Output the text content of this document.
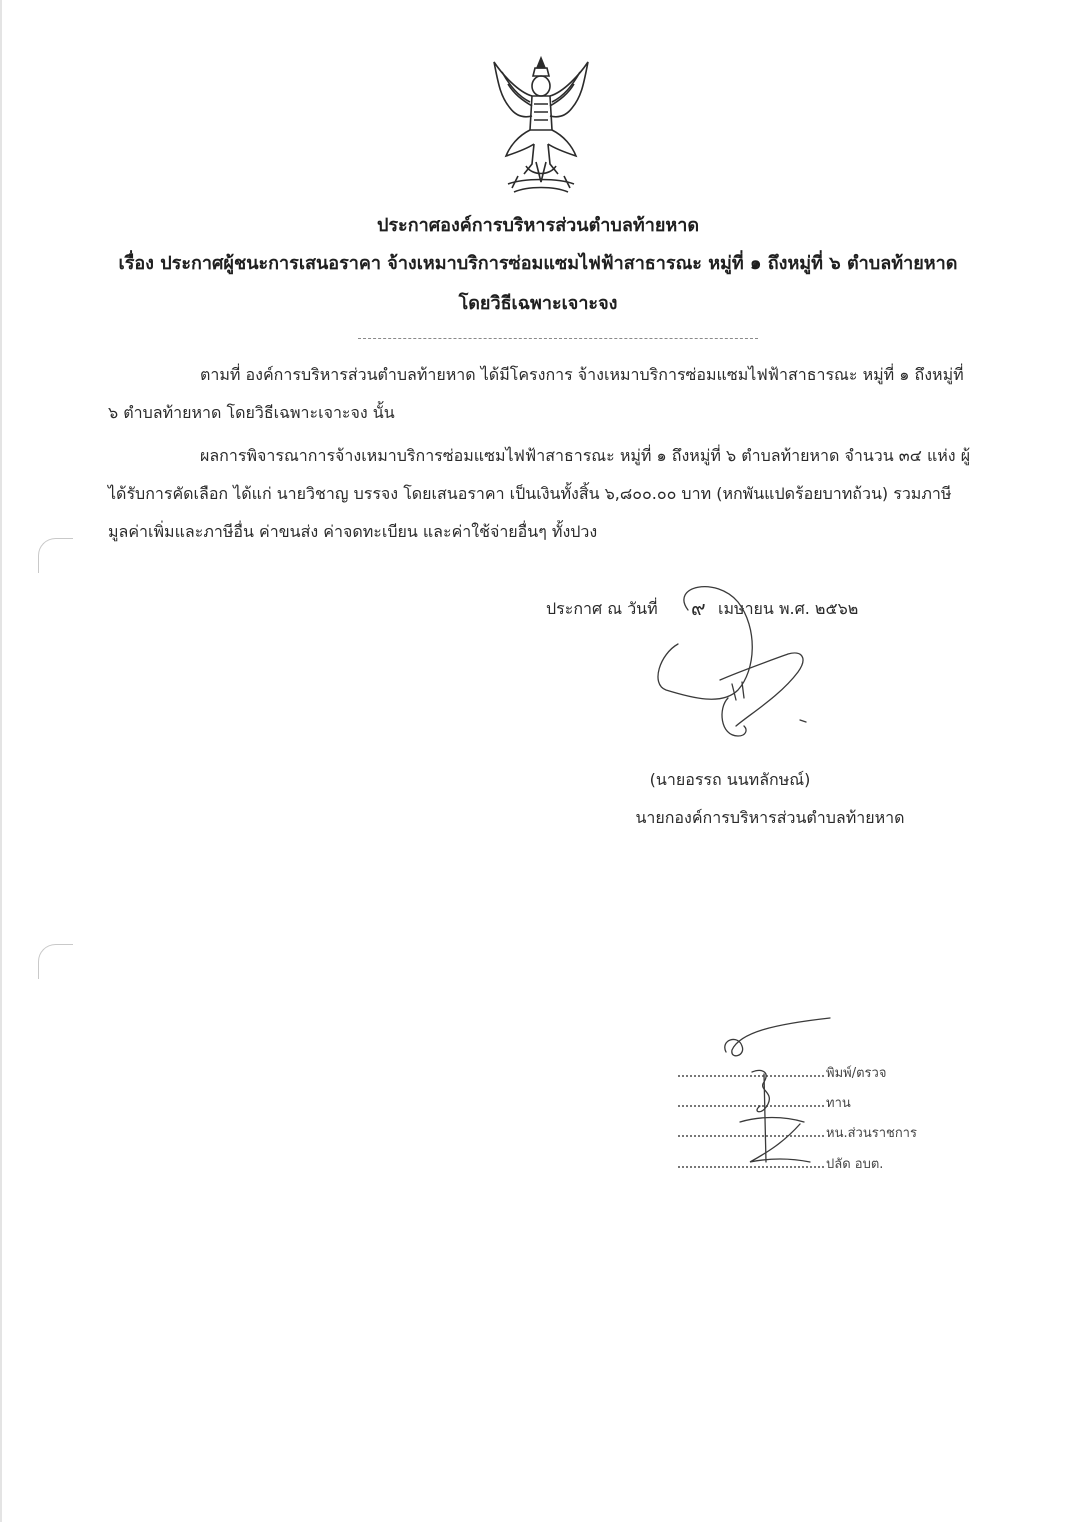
ประกาศองค์การบริหารส่วนตำบลท้ายหาด
เรื่อง ประกาศผู้ชนะการเสนอราคา จ้างเหมาบริการซ่อมแซมไฟฟ้าสาธารณะ หมู่ที่ ๑ ถึงหมู่ที่ ๖ ตำบลท้ายหาด
โดยวิธีเฉพาะเจาะจง
ตามที่ องค์การบริหารส่วนตำบลท้ายหาด ได้มีโครงการ จ้างเหมาบริการซ่อมแซมไฟฟ้าสาธารณะ หมู่ที่ ๑ ถึงหมู่ที่ ๖ ตำบลท้ายหาด โดยวิธีเฉพาะเจาะจง นั้น
ผลการพิจารณาการจ้างเหมาบริการซ่อมแซมไฟฟ้าสาธารณะ หมู่ที่ ๑ ถึงหมู่ที่ ๖ ตำบลท้ายหาด จำนวน ๓๔ แห่ง ผู้ได้รับการคัดเลือก ได้แก่ นายวิชาญ บรรจง โดยเสนอราคา เป็นเงินทั้งสิ้น ๖,๘๐๐.๐๐ บาท (หกพันแปดร้อยบาทถ้วน) รวมภาษีมูลค่าเพิ่มและภาษีอื่น ค่าขนส่ง ค่าจดทะเบียน และค่าใช้จ่ายอื่นๆ ทั้งปวง
ประกาศ ณ วันที่ ๙ เมษายน พ.ศ. ๒๕๖๒
(นายอรรถ นนทลักษณ์)
นายกองค์การบริหารส่วนตำบลท้ายหาด
พิมพ์/ตรวจ
ทาน
หน.ส่วนราชการ
ปลัด อบต.
